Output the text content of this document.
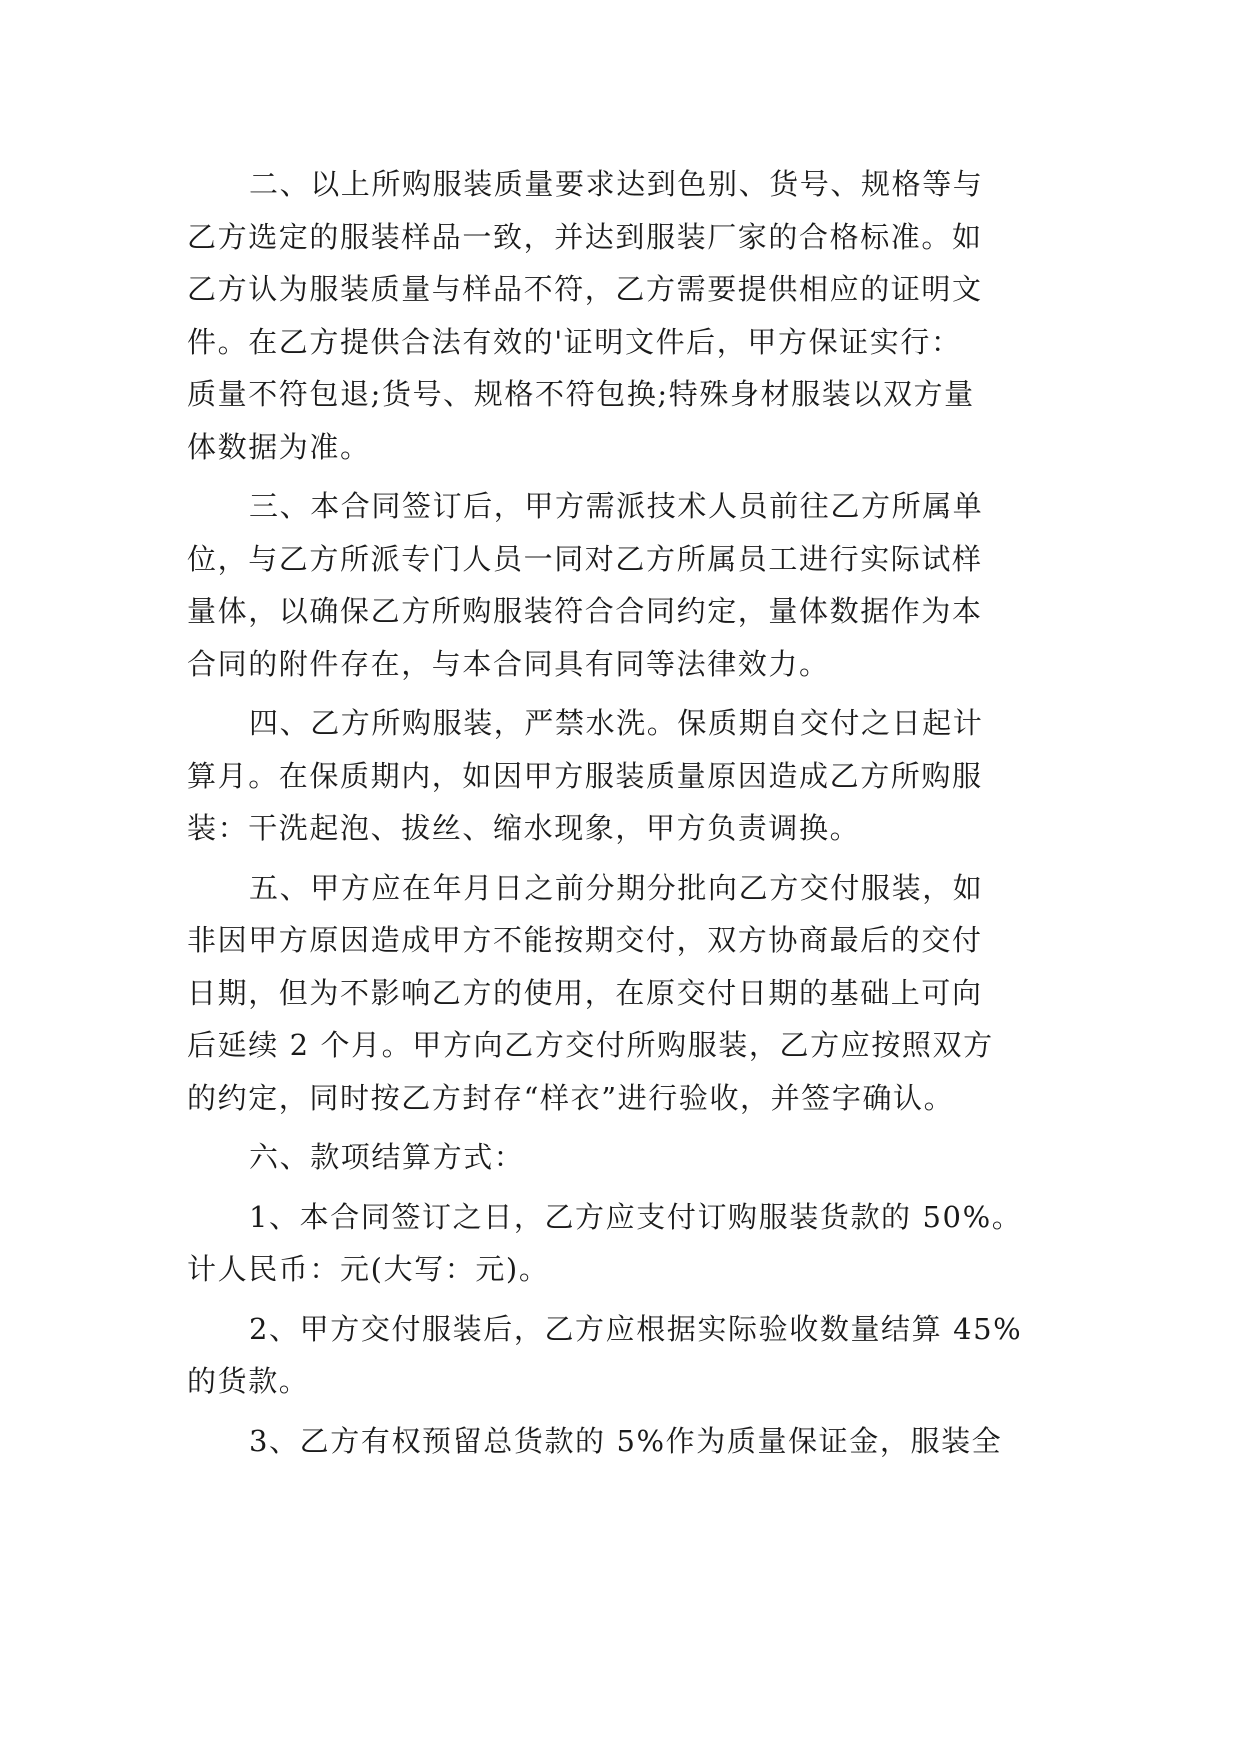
二、以上所购服装质量要求达到色别、货号、规格等与
乙方选定的服装样品一致，并达到服装厂家的合格标准。如
乙方认为服装质量与样品不符，乙方需要提供相应的证明文
件。在乙方提供合法有效的'证明文件后，甲方保证实行：
质量不符包退;货号、规格不符包换;特殊身材服装以双方量
体数据为准。

三、本合同签订后，甲方需派技术人员前往乙方所属单
位，与乙方所派专门人员一同对乙方所属员工进行实际试样
量体，以确保乙方所购服装符合合同约定，量体数据作为本
合同的附件存在，与本合同具有同等法律效力。

四、乙方所购服装，严禁水洗。保质期自交付之日起计
算月。在保质期内，如因甲方服装质量原因造成乙方所购服
装：干洗起泡、拔丝、缩水现象，甲方负责调换。

五、甲方应在年月日之前分期分批向乙方交付服装，如
非因甲方原因造成甲方不能按期交付，双方协商最后的交付
日期，但为不影响乙方的使用，在原交付日期的基础上可向
后延续 2 个月。甲方向乙方交付所购服装，乙方应按照双方
的约定，同时按乙方封存“样衣”进行验收，并签字确认。

六、款项结算方式：

1、本合同签订之日，乙方应支付订购服装货款的 50%。
计人民币：元(大写：元)。

2、甲方交付服装后，乙方应根据实际验收数量结算 45%
的货款。

3、乙方有权预留总货款的 5%作为质量保证金，服装全
